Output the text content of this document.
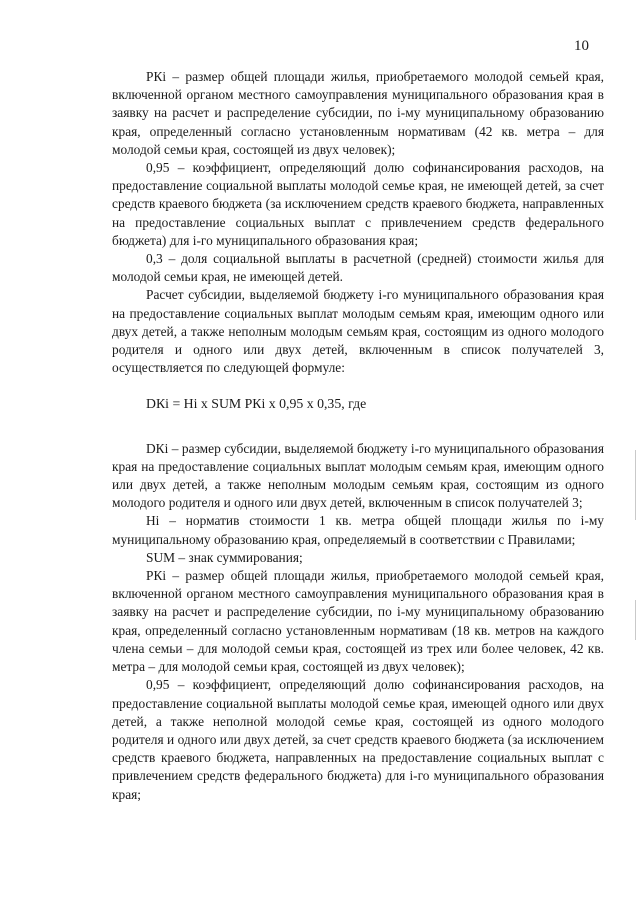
10

РКi – размер общей площади жилья, приобретаемого молодой семьей края, включенной органом местного самоуправления муниципального образования края в заявку на расчет и распределение субсидии, по i-му муниципальному образованию края, определенный согласно установленным нормативам (42 кв. метра – для молодой семьи края, состоящей из двух человек);

0,95 – коэффициент, определяющий долю софинансирования расходов, на предоставление социальной выплаты молодой семье края, не имеющей детей, за счет средств краевого бюджета (за исключением средств краевого бюджета, направленных на предоставление социальных выплат с привлечением средств федерального бюджета) для i-го муниципального образования края;

0,3 – доля социальной выплаты в расчетной (средней) стоимости жилья для молодой семьи края, не имеющей детей.

Расчет субсидии, выделяемой бюджету i-го муниципального образования края на предоставление социальных выплат молодым семьям края, имеющим одного или двух детей, а также неполным молодым семьям края, состоящим из одного молодого родителя и одного или двух детей, включенным в список получателей 3, осуществляется по следующей формуле:

DКi = Нi x SUM РКi x 0,95 x 0,35, где

DКi – размер субсидии, выделяемой бюджету i-го муниципального образования края на предоставление социальных выплат молодым семьям края, имеющим одного или двух детей, а также неполным молодым семьям края, состоящим из одного молодого родителя и одного или двух детей, включенным в список получателей 3;

Нi – норматив стоимости 1 кв. метра общей площади жилья по i-му муниципальному образованию края, определяемый в соответствии с Правилами;

SUM – знак суммирования;

РКi – размер общей площади жилья, приобретаемого молодой семьей края, включенной органом местного самоуправления муниципального образования края в заявку на расчет и распределение субсидии, по i-му муниципальному образованию края, определенный согласно установленным нормативам (18 кв. метров на каждого члена семьи – для молодой семьи края, состоящей из трех или более человек, 42 кв. метра – для молодой семьи края, состоящей из двух человек);

0,95 – коэффициент, определяющий долю софинансирования расходов, на предоставление социальной выплаты молодой семье края, имеющей одного или двух детей, а также неполной молодой семье края, состоящей из одного молодого родителя и одного или двух детей, за счет средств краевого бюджета (за исключением средств краевого бюджета, направленных на предоставление социальных выплат с привлечением средств федерального бюджета) для i-го муниципального образования края;
